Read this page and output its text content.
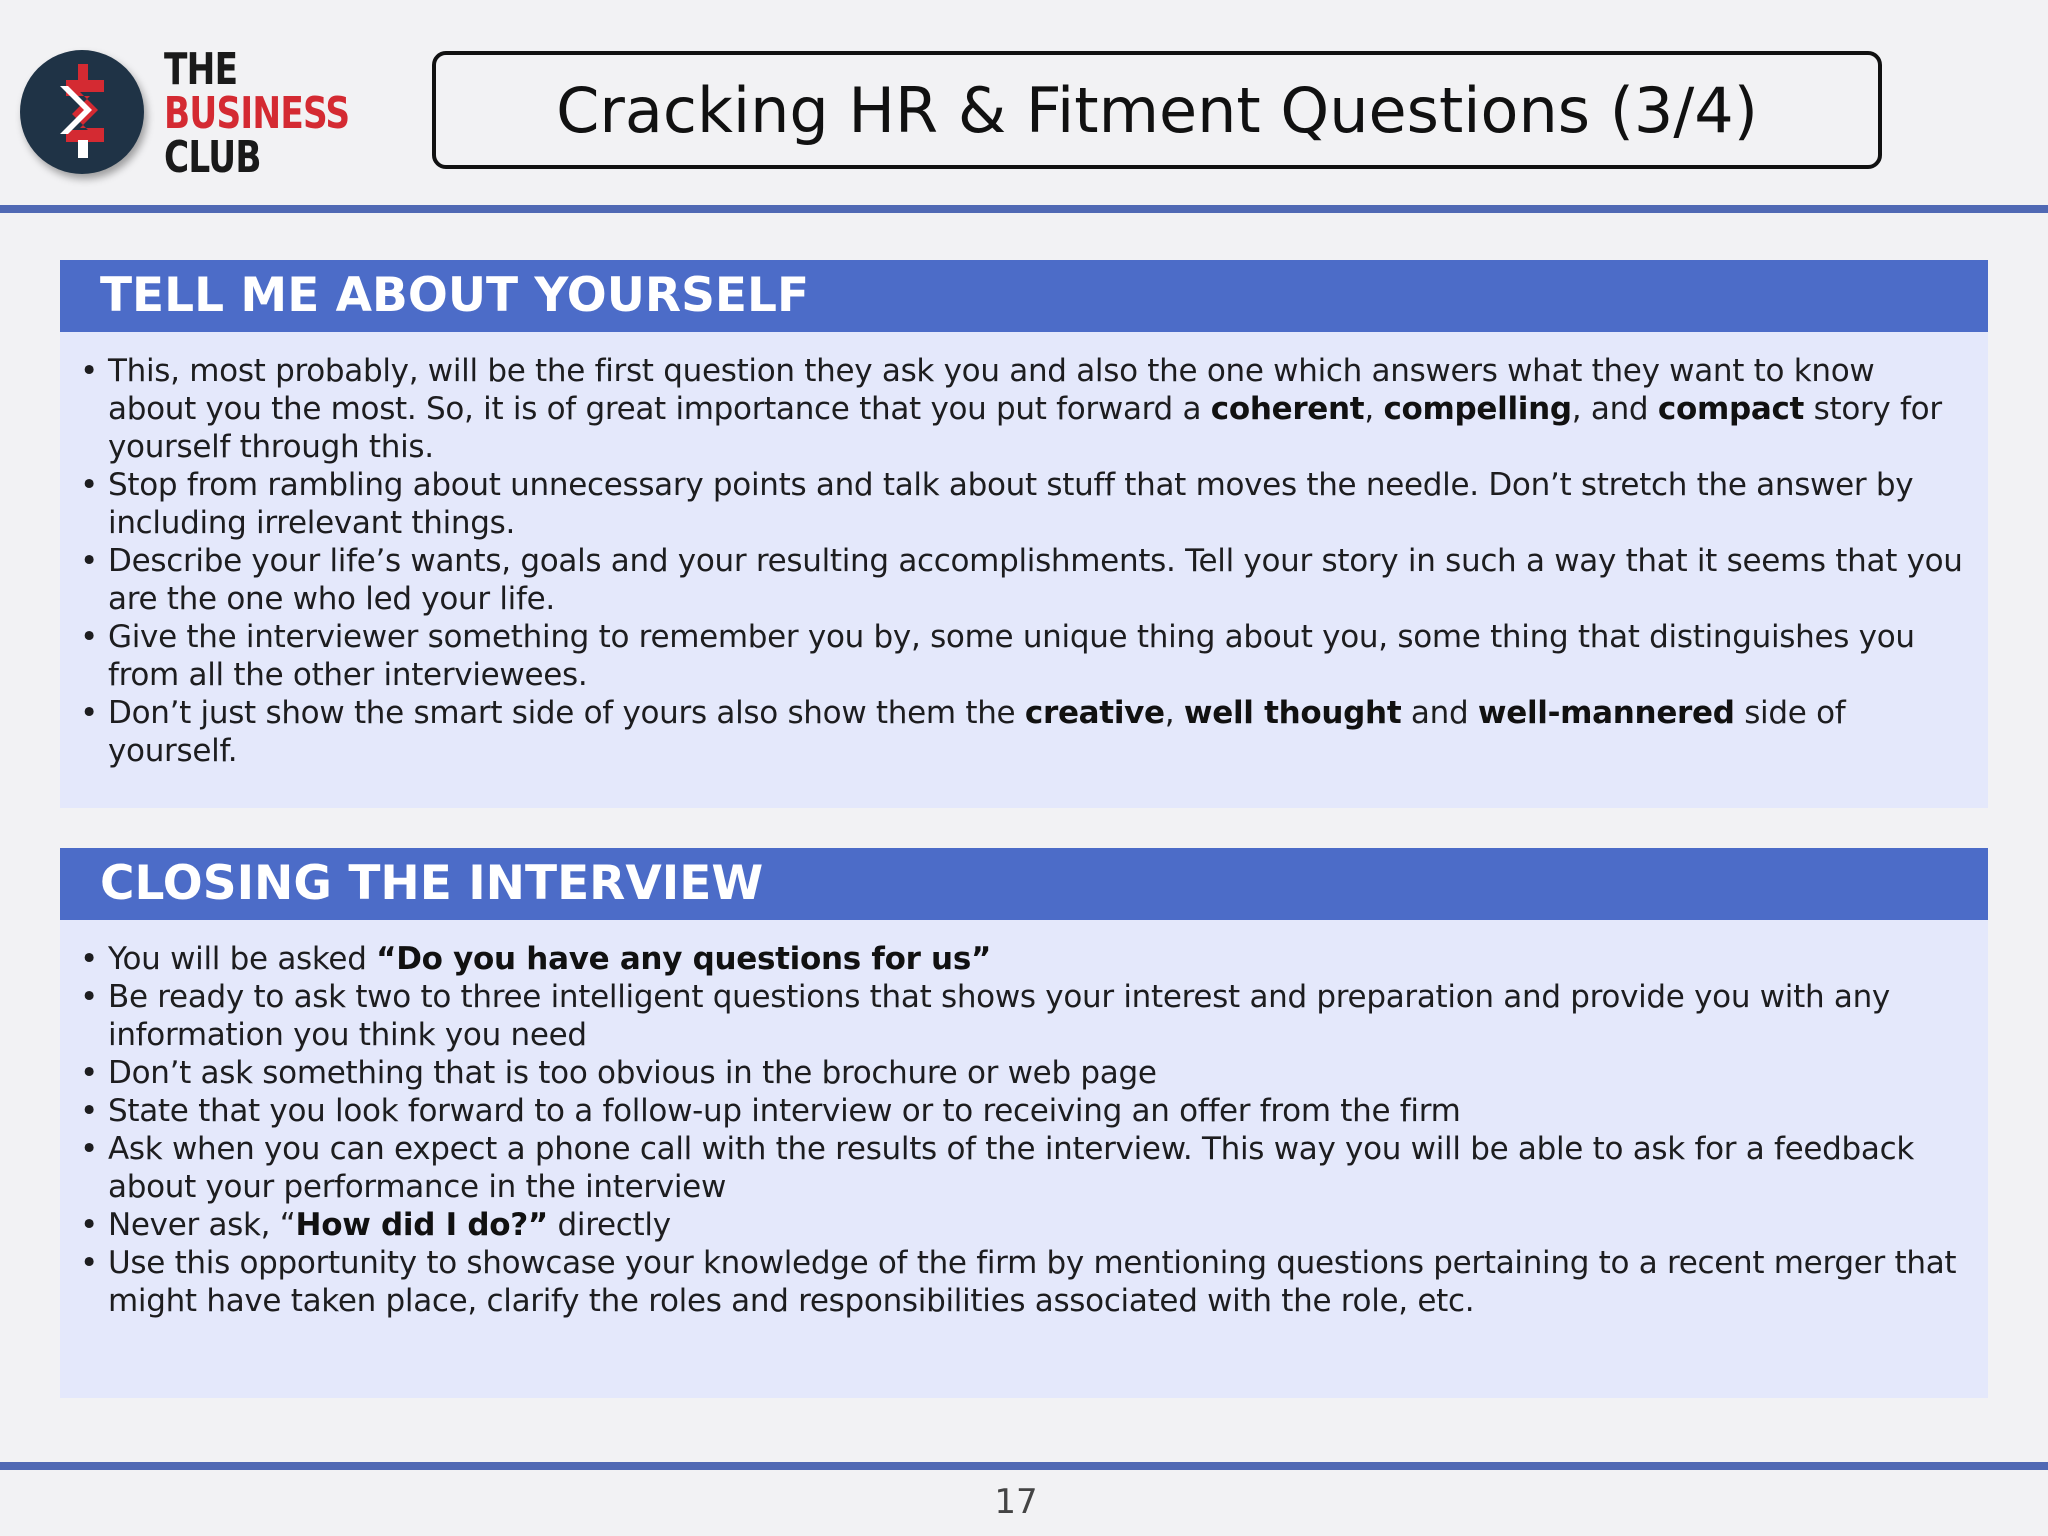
THE
BUSINESS
CLUB
Cracking HR & Fitment Questions (3/4)
TELL ME ABOUT YOURSELF
• This, most probably, will be the first question they ask you and also the one which answers what they want to know about you the most. So, it is of great importance that you put forward a coherent, compelling, and compact story for yourself through this.
• Stop from rambling about unnecessary points and talk about stuff that moves the needle. Don’t stretch the answer by including irrelevant things.
• Describe your life’s wants, goals and your resulting accomplishments. Tell your story in such a way that it seems that you are the one who led your life.
• Give the interviewer something to remember you by, some unique thing about you, some thing that distinguishes you from all the other interviewees.
• Don’t just show the smart side of yours also show them the creative, well thought and well-mannered side of yourself.
CLOSING THE INTERVIEW
• You will be asked “Do you have any questions for us”
• Be ready to ask two to three intelligent questions that shows your interest and preparation and provide you with any information you think you need
• Don’t ask something that is too obvious in the brochure or web page
• State that you look forward to a follow-up interview or to receiving an offer from the firm
• Ask when you can expect a phone call with the results of the interview. This way you will be able to ask for a feedback about your performance in the interview
• Never ask, “How did I do?” directly
• Use this opportunity to showcase your knowledge of the firm by mentioning questions pertaining to a recent merger that might have taken place, clarify the roles and responsibilities associated with the role, etc.
17
